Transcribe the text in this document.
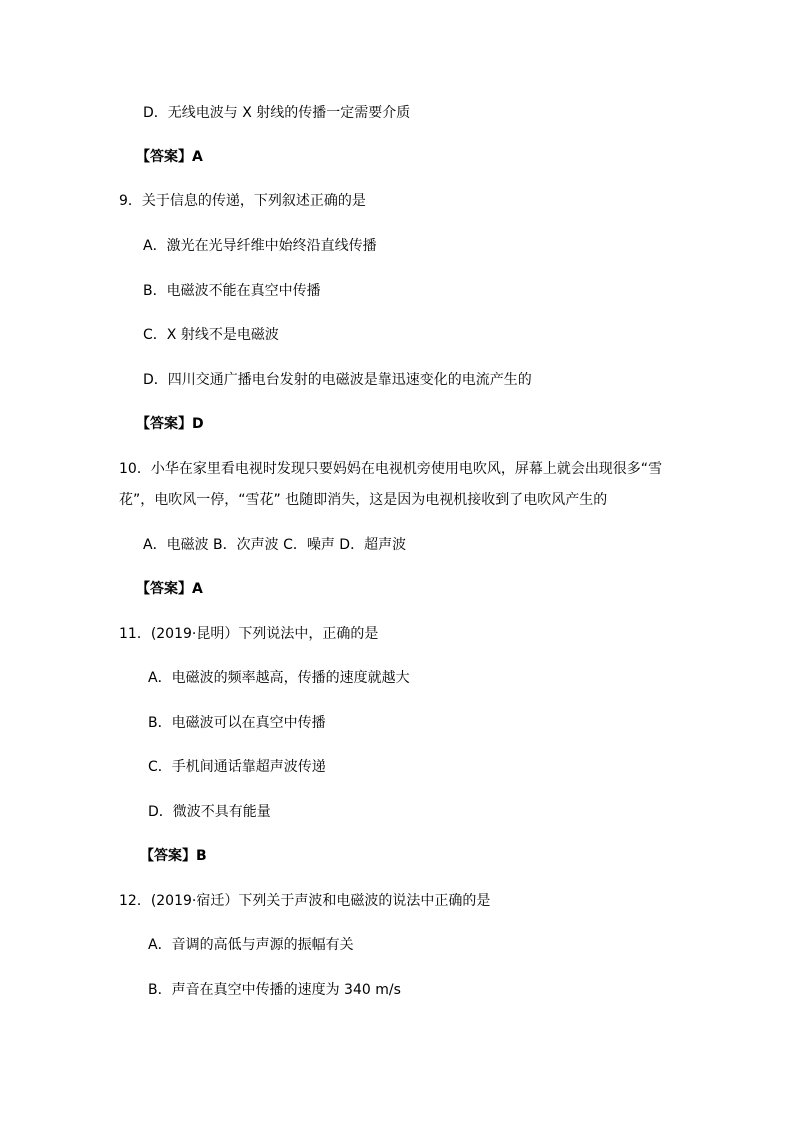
D．无线电波与 X 射线的传播一定需要介质
【答案】A
9．关于信息的传递，下列叙述正确的是
A．激光在光导纤维中始终沿直线传播
B．电磁波不能在真空中传播
C．X 射线不是电磁波
D．四川交通广播电台发射的电磁波是靠迅速变化的电流产生的
【答案】D
10．小华在家里看电视时发现只要妈妈在电视机旁使用电吹风，屏幕上就会出现很多“雪
花”，电吹风一停，“雪花” 也随即消失，这是因为电视机接收到了电吹风产生的
A．电磁波 B．次声波 C．噪声 D．超声波
【答案】A
11．(2019·昆明）下列说法中，正确的是
A．电磁波的频率越高，传播的速度就越大
B．电磁波可以在真空中传播
C．手机间通话靠超声波传递
D．微波不具有能量
【答案】B
12．(2019·宿迁）下列关于声波和电磁波的说法中正确的是
A．音调的高低与声源的振幅有关
B．声音在真空中传播的速度为 340 m/s
